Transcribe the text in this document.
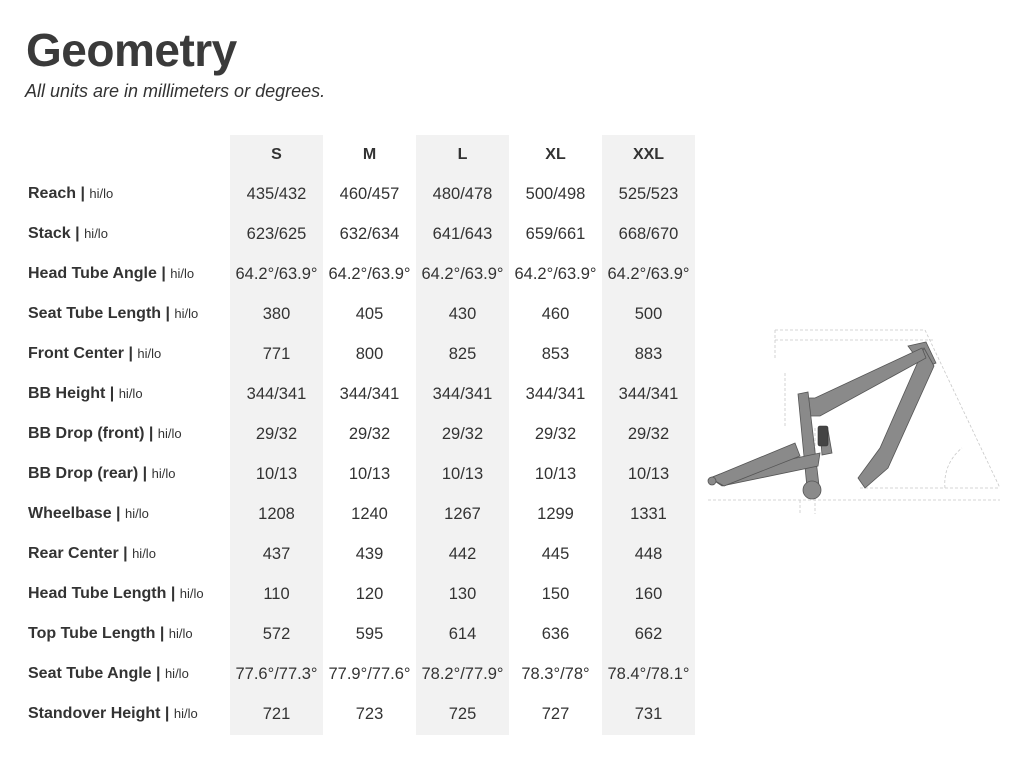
Geometry
All units are in millimeters or degrees.
S	M	L	XL	XXL
Reach | hi/lo	435/432	460/457	480/478	500/498	525/523
Stack | hi/lo	623/625	632/634	641/643	659/661	668/670
Head Tube Angle | hi/lo	64.2°/63.9° 64.2°/63.9° 64.2°/63.9° 64.2°/63.9° 64.2°/63.9°
Seat Tube Length | hi/lo	380	405	430	460	500
Front Center | hi/lo	771	800	825	853	883
BB Height | hi/lo	344/341	344/341	344/341	344/341	344/341
BB Drop (front) | hi/lo	29/32	29/32	29/32	29/32	29/32
BB Drop (rear) | hi/lo	10/13	10/13	10/13	10/13	10/13
Wheelbase | hi/lo	1208	1240	1267	1299	1331
Rear Center | hi/lo	437	439	442	445	448
Head Tube Length | hi/lo	110	120	130	150	160
Top Tube Length | hi/lo	572	595	614	636	662
Seat Tube Angle | hi/lo	77.6°/77.3° 77.9°/77.6° 78.2°/77.9°	78.3°/78°	78.4°/78.1°
Standover Height | hi/lo	721	723	725	727	731
